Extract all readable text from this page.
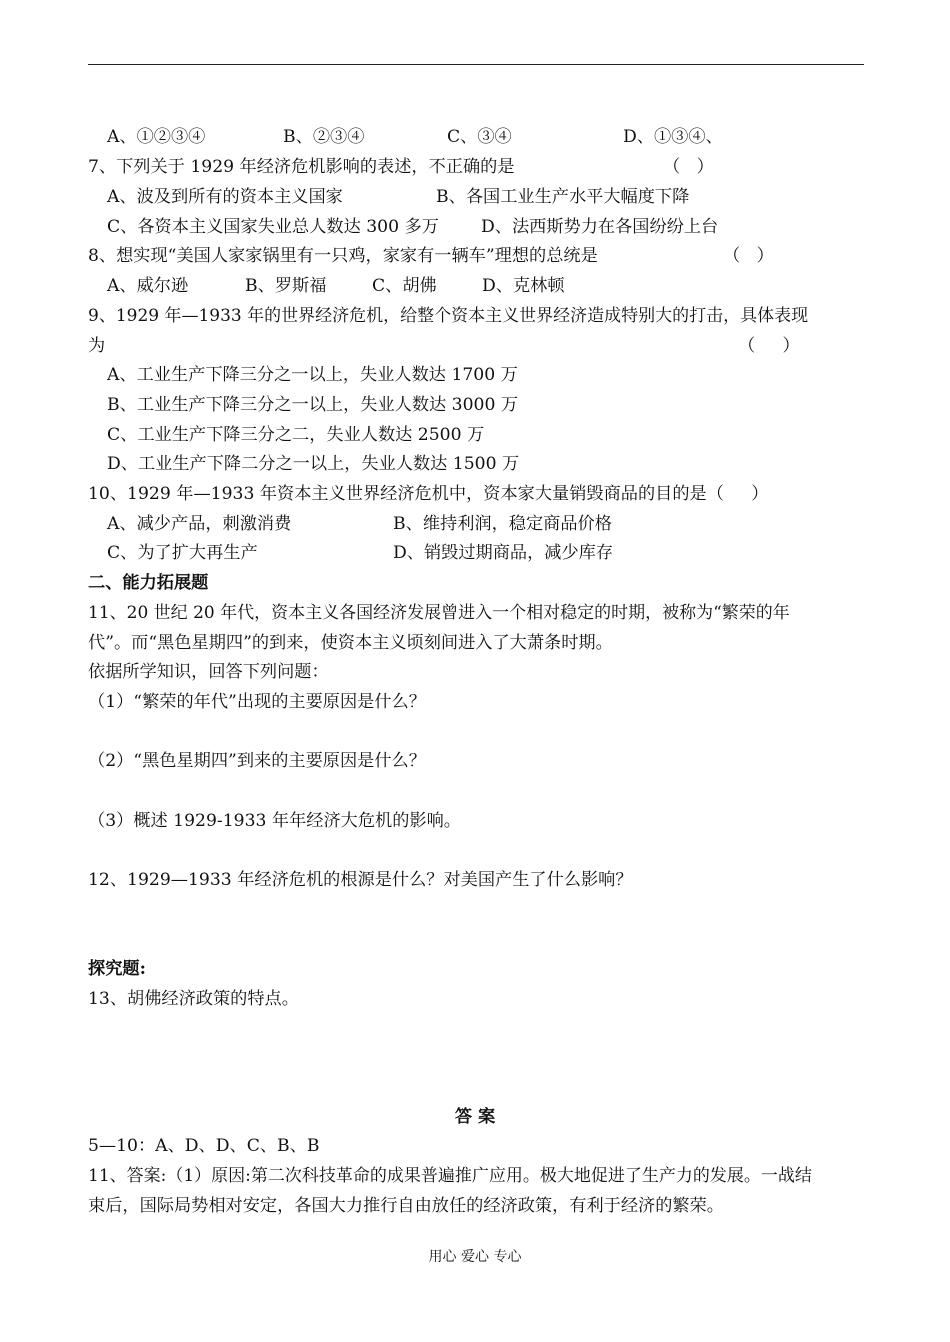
A、①②③④	B、②③④	C、③④	D、①③④、
7、下列关于 1929 年经济危机影响的表述，不正确的是	（   ）
A、波及到所有的资本主义国家	B、各国工业生产水平大幅度下降
C、各资本主义国家失业总人数达 300 多万 D、法西斯势力在各国纷纷上台
8、想实现“美国人家家锅里有一只鸡，家家有一辆车”理想的总统是	（   ）
A、威尔逊	B、罗斯福	C、胡佛	D、克林顿
9、1929 年—1933 年的世界经济危机，给整个资本主义世界经济造成特别大的打击，具体表现
为	（     ）
A、工业生产下降三分之一以上，失业人数达 1700 万
B、工业生产下降三分之一以上，失业人数达 3000 万
C、工业生产下降三分之二，失业人数达 2500 万
D、工业生产下降二分之一以上，失业人数达 1500 万
10、1929 年—1933 年资本主义世界经济危机中，资本家大量销毁商品的目的是（     ）
A、减少产品，刺激消费	B、维持利润，稳定商品价格
C、为了扩大再生产	D、销毁过期商品，减少库存
二、能力拓展题
11、20 世纪 20 年代，资本主义各国经济发展曾进入一个相对稳定的时期，被称为“繁荣的年
代”。而“黑色星期四”的到来，使资本主义顷刻间进入了大萧条时期。
依据所学知识，回答下列问题：
（1）“繁荣的年代”出现的主要原因是什么？
（2）“黑色星期四”到来的主要原因是什么？
（3）概述 1929-1933 年年经济大危机的影响。
12、1929—1933 年经济危机的根源是什么？对美国产生了什么影响？
探究题:
13、胡佛经济政策的特点。
答 案
5—10：A、D、D、C、B、B
11、答案:（1）原因:第二次科技革命的成果普遍推广应用。极大地促进了生产力的发展。一战结
束后，国际局势相对安定，各国大力推行自由放任的经济政策，有利于经济的繁荣。
用心 爱心 专心
